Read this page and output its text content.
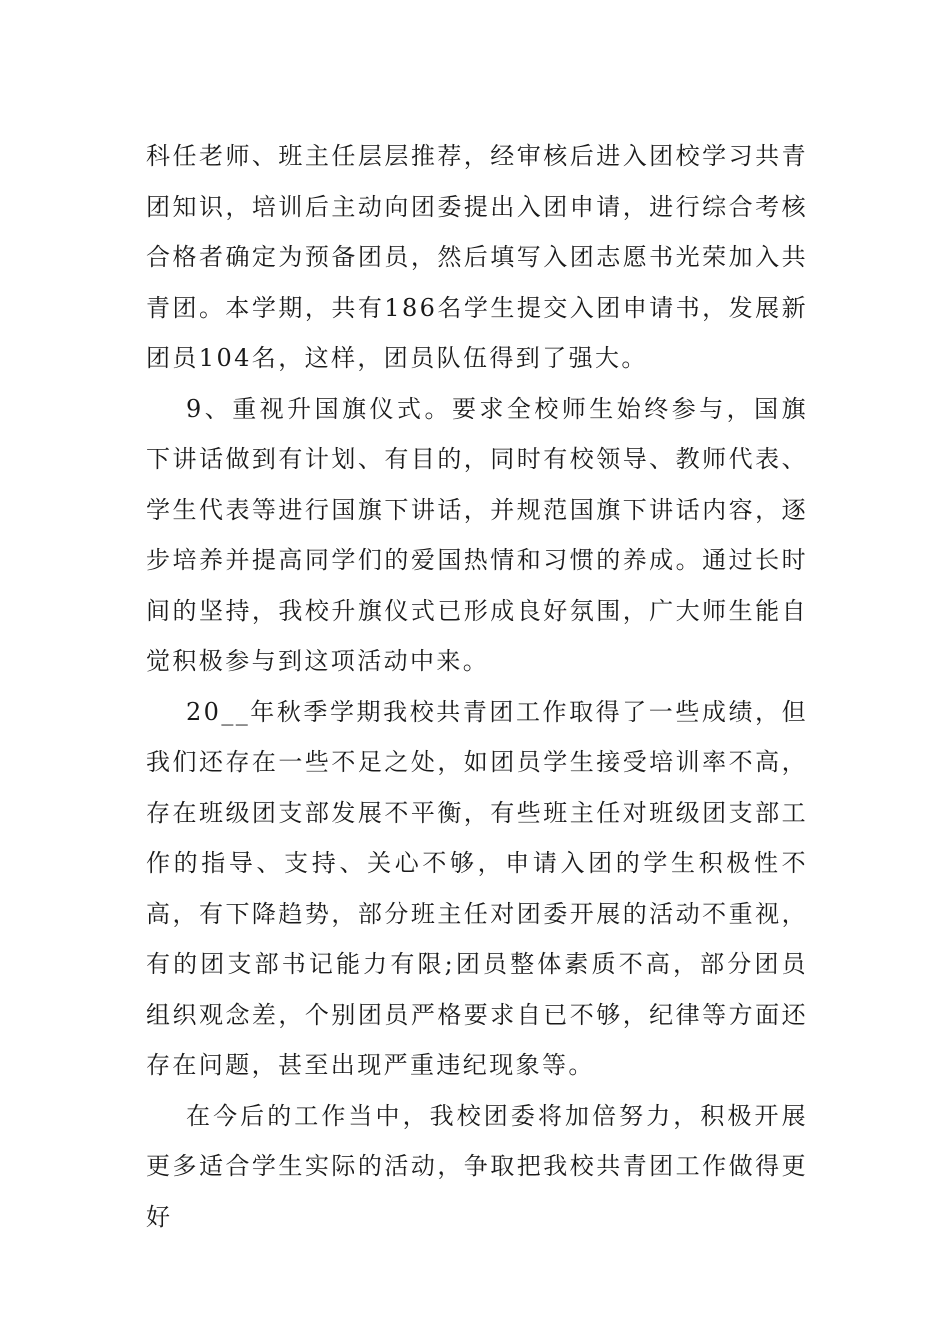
科任老师、班主任层层推荐，经审核后进入团校学习共青团知识，培训后主动向团委提出入团申请，进行综合考核合格者确定为预备团员，然后填写入团志愿书光荣加入共青团。本学期，共有186名学生提交入团申请书，发展新团员104名，这样，团员队伍得到了强大。

9、重视升国旗仪式。要求全校师生始终参与，国旗下讲话做到有计划、有目的，同时有校领导、教师代表、学生代表等进行国旗下讲话，并规范国旗下讲话内容，逐步培养并提高同学们的爱国热情和习惯的养成。通过长时间的坚持，我校升旗仪式已形成良好氛围，广大师生能自觉积极参与到这项活动中来。

20__年秋季学期我校共青团工作取得了一些成绩，但我们还存在一些不足之处，如团员学生接受培训率不高，存在班级团支部发展不平衡，有些班主任对班级团支部工作的指导、支持、关心不够，申请入团的学生积极性不高，有下降趋势，部分班主任对团委开展的活动不重视，有的团支部书记能力有限;团员整体素质不高，部分团员组织观念差，个别团员严格要求自已不够，纪律等方面还存在问题，甚至出现严重违纪现象等。

在今后的工作当中，我校团委将加倍努力，积极开展更多适合学生实际的活动，争取把我校共青团工作做得更好
